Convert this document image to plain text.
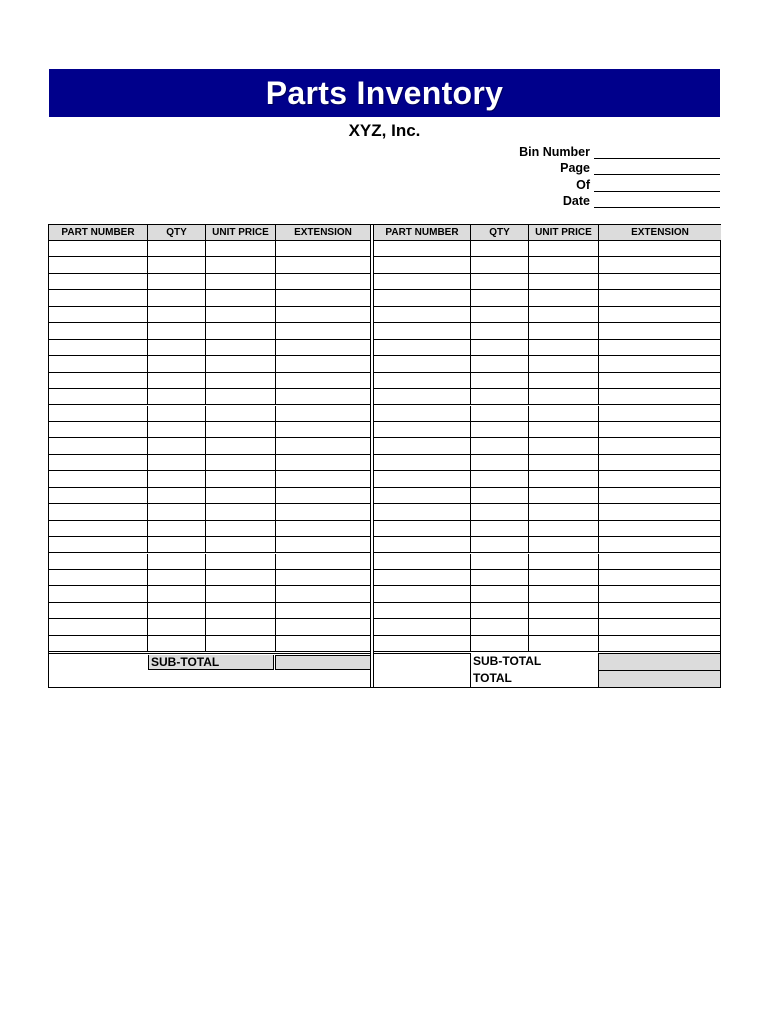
Parts Inventory
XYZ, Inc.
Bin Number
Page
Of
Date
PART NUMBER	QTY	UNIT PRICE	EXTENSION
SUB-TOTAL
PART NUMBER	QTY	UNIT PRICE	EXTENSION
SUB-TOTAL
TOTAL
